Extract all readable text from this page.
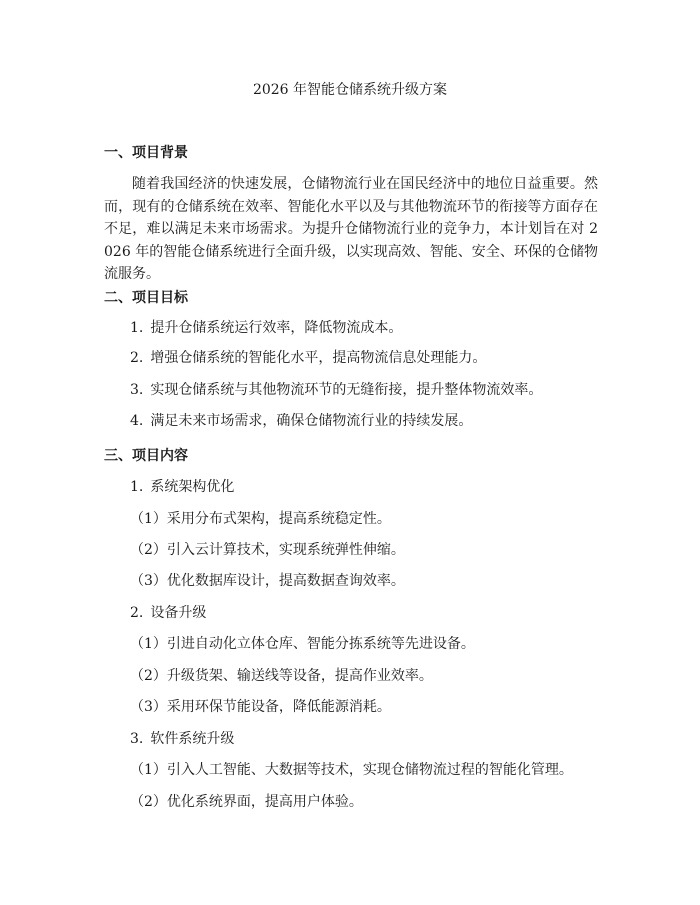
2026 年智能仓储系统升级方案
一、项目背景
随着我国经济的快速发展，仓储物流行业在国民经济中的地位日益重要。然而，现有的仓储系统在效率、智能化水平以及与其他物流环节的衔接等方面存在不足，难以满足未来市场需求。为提升仓储物流行业的竞争力，本计划旨在对 2026 年的智能仓储系统进行全面升级，以实现高效、智能、安全、环保的仓储物流服务。
二、项目目标
1. 提升仓储系统运行效率，降低物流成本。
2. 增强仓储系统的智能化水平，提高物流信息处理能力。
3. 实现仓储系统与其他物流环节的无缝衔接，提升整体物流效率。
4. 满足未来市场需求，确保仓储物流行业的持续发展。
三、项目内容
1. 系统架构优化
（1）采用分布式架构，提高系统稳定性。
（2）引入云计算技术，实现系统弹性伸缩。
（3）优化数据库设计，提高数据查询效率。
2. 设备升级
（1）引进自动化立体仓库、智能分拣系统等先进设备。
（2）升级货架、输送线等设备，提高作业效率。
（3）采用环保节能设备，降低能源消耗。
3. 软件系统升级
（1）引入人工智能、大数据等技术，实现仓储物流过程的智能化管理。
（2）优化系统界面，提高用户体验。
